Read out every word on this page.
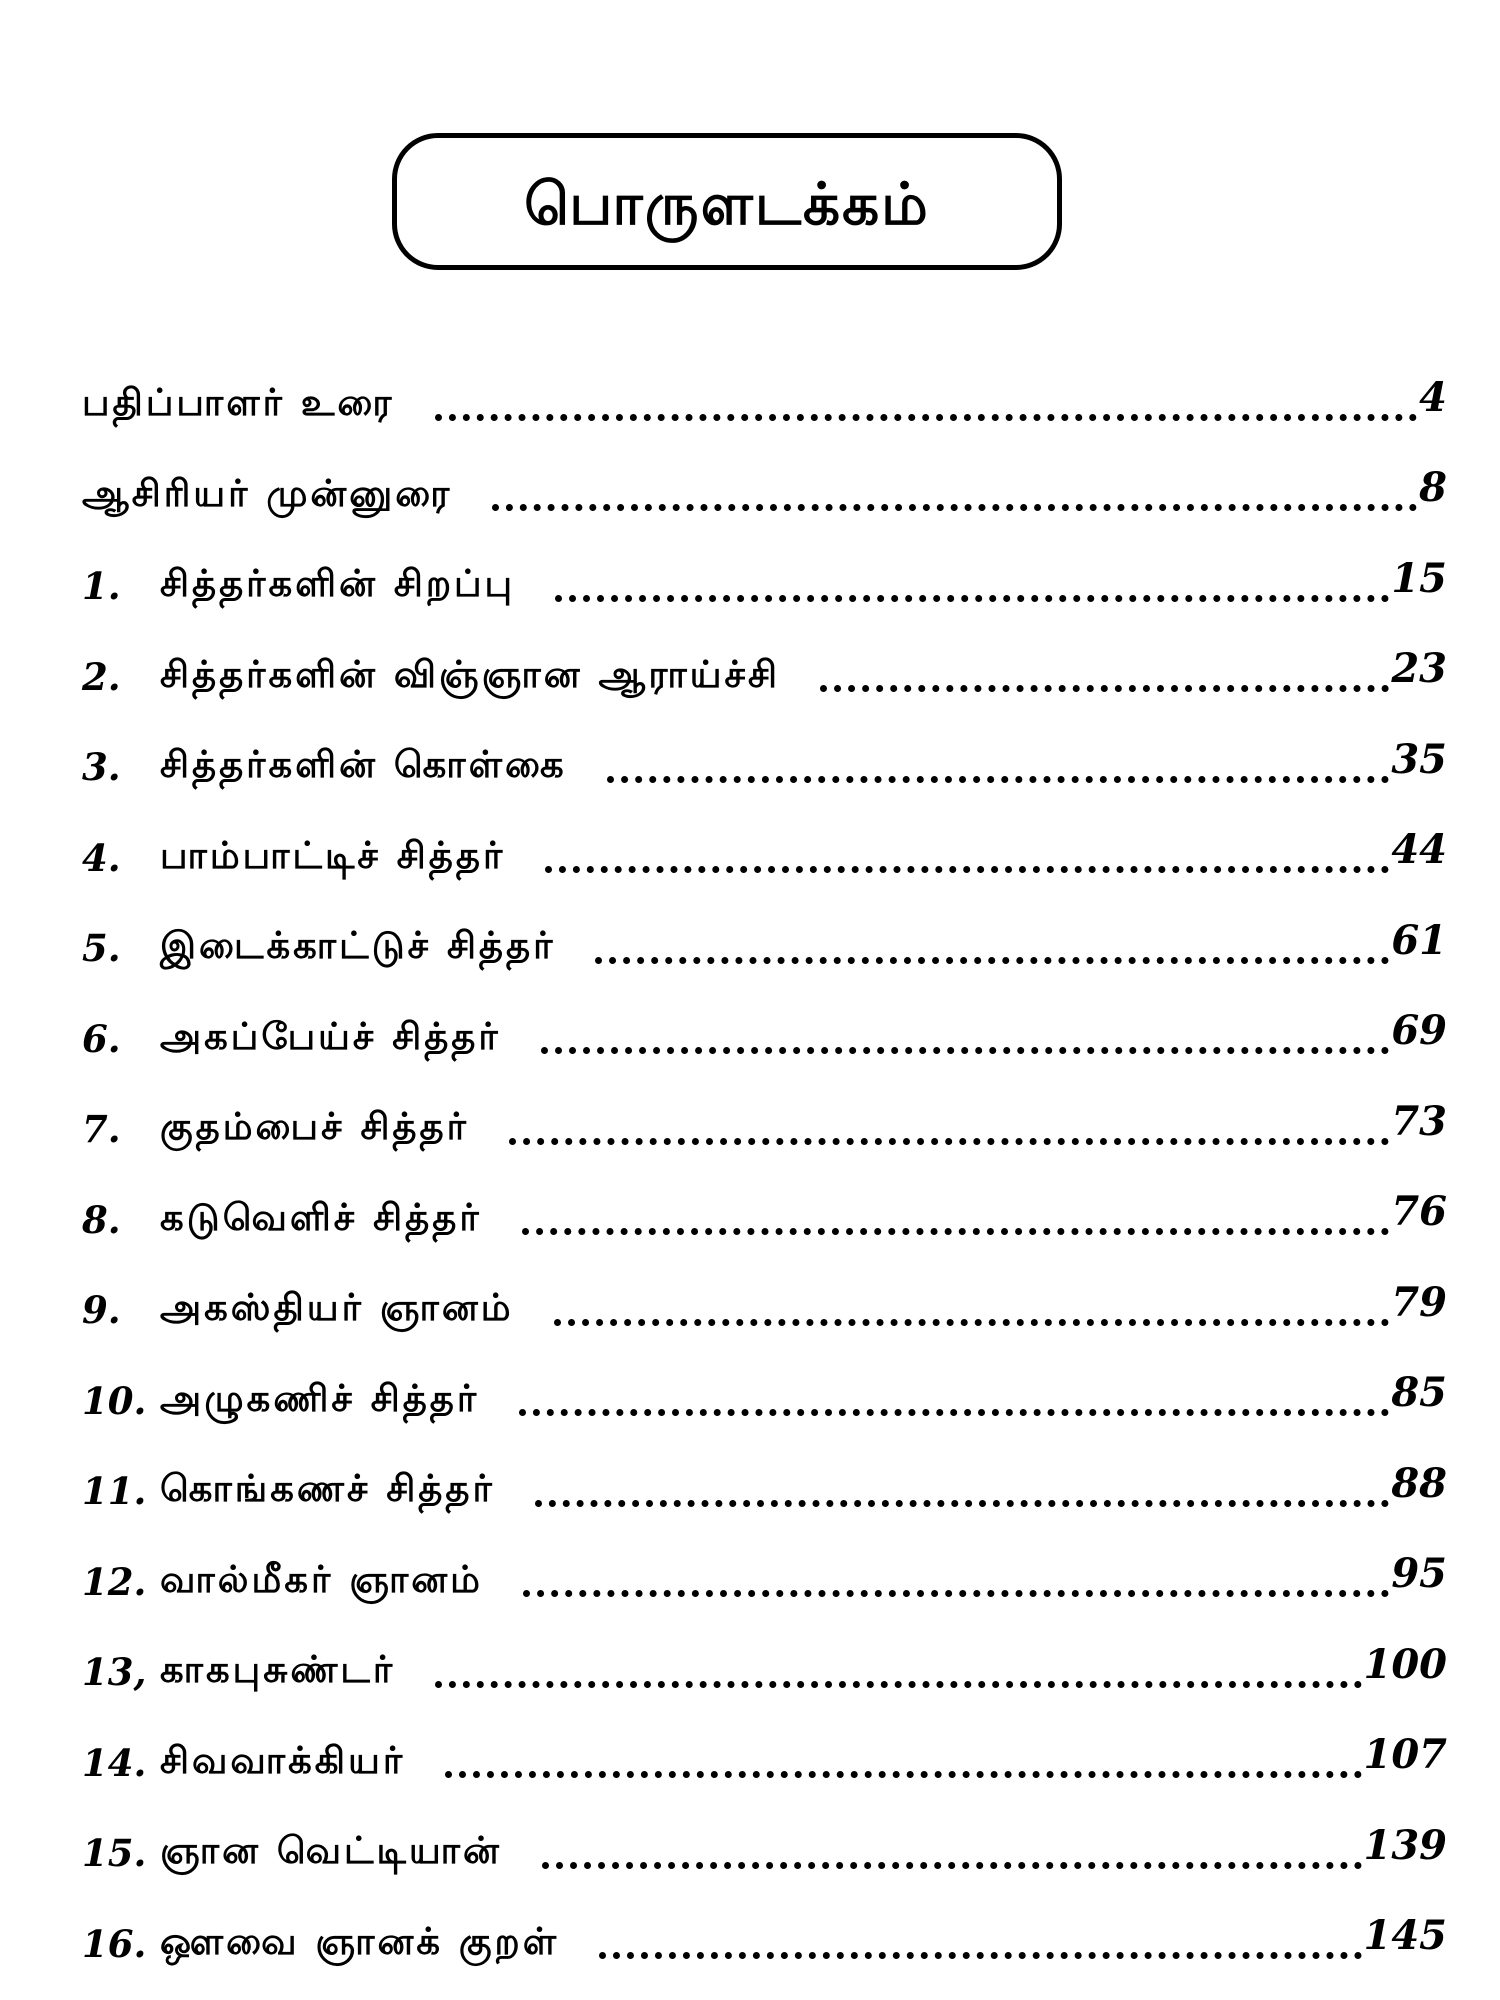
பொருளடக்கம்
பதிப்பாளர் உரை	4
ஆசிரியர் முன்னுரை	8
1.	சித்தர்களின் சிறப்பு	15
2.	சித்தர்களின் விஞ்ஞான ஆராய்ச்சி	23
3.	சித்தர்களின் கொள்கை	35
4.	பாம்பாட்டிச் சித்தர்	44
5.	இடைக்காட்டுச் சித்தர்	61
6.	அகப்பேய்ச் சித்தர்	69
7.	குதம்பைச் சித்தர்	73
8.	கடுவெளிச் சித்தர்	76
9.	அகஸ்தியர் ஞானம்	79
10. அழுகணிச் சித்தர்	85
11. கொங்கணச் சித்தர்	88
12. வால்மீகர் ஞானம்	95
13, காகபுசுண்டர்	100
14. சிவவாக்கியர்	107
15. ஞான வெட்டியான்	139
16. ஔவை ஞானக் குறள்	145
